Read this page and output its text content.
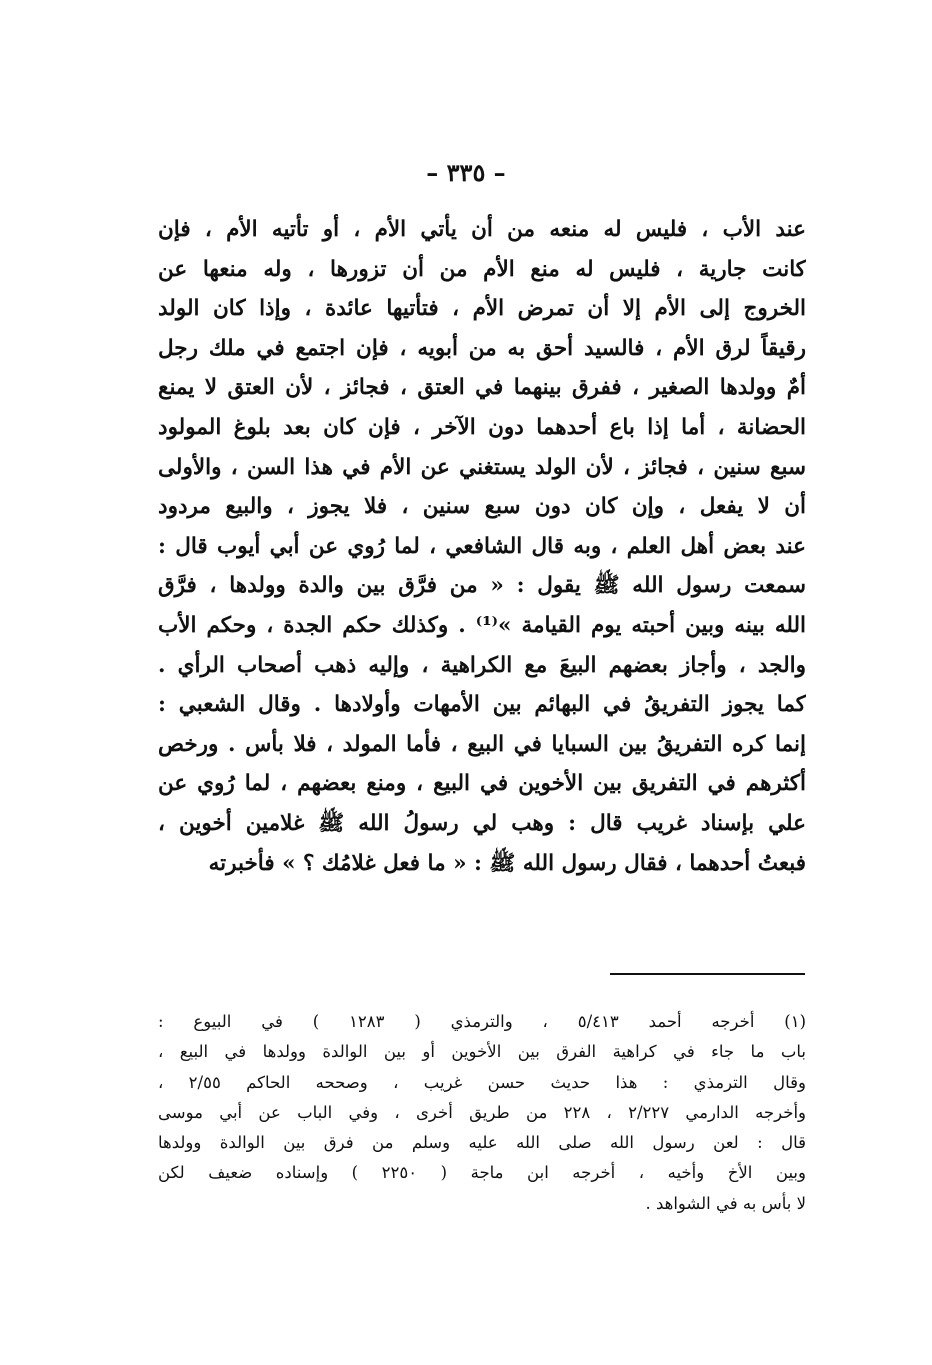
– ٣٣٥ –
عند الأب ، فليس له منعه من أن يأتي الأم ، أو تأتيه الأم ، فإن
كانت جارية ، فليس له منع الأم من أن تزورها ، وله منعها عن
الخروج إلى الأم إلا أن تمرض الأم ، فتأتيها عائدة ، وإذا كان الولد
رقيقاً لرق الأم ، فالسيد أحق به من أبويه ، فإن اجتمع في ملك رجل
أمٌ وولدها الصغير ، ففرق بينهما في العتق ، فجائز ، لأن العتق لا يمنع
الحضانة ، أما إذا باع أحدهما دون الآخر ، فإن كان بعد بلوغ المولود
سبع سنين ، فجائز ، لأن الولد يستغني عن الأم في هذا السن ، والأولى
أن لا يفعل ، وإن كان دون سبع سنين ، فلا يجوز ، والبيع مردود
عند بعض أهل العلم ، وبه قال الشافعي ، لما رُوي عن أبي أيوب قال :
سمعت رسول الله ﷺ يقول : « من فرَّق بين والدة وولدها ، فرَّق
الله بينه وبين أحبته يوم القيامة »⁽¹⁾ . وكذلك حكم الجدة ، وحكم الأب
والجد ، وأجاز بعضهم البيعَ مع الكراهية ، وإليه ذهب أصحاب الرأي .
كما يجوز التفريقُ في البهائم بين الأمهات وأولادها . وقال الشعبي :
إنما كره التفريقُ بين السبايا في البيع ، فأما المولد ، فلا بأس . ورخص
أكثرهم في التفريق بين الأخوين في البيع ، ومنع بعضهم ، لما رُوي عن
علي بإسناد غريب قال : وهب لي رسولُ الله ﷺ غلامين أخوين ،
فبعتُ أحدهما ، فقال رسول الله ﷺ : « ما فعل غلامُك ؟ » فأخبرته
(١) أخرجه أحمد ٥/٤١٣ ، والترمذي ( ١٢٨٣ ) في البيوع :
باب ما جاء في كراهية الفرق بين الأخوين أو بين الوالدة وولدها في البيع ،
وقال الترمذي : هذا حديث حسن غريب ، وصححه الحاكم ٢/٥٥ ،
وأخرجه الدارمي ٢/٢٢٧ ، ٢٢٨ من طريق أخرى ، وفي الباب عن أبي موسى
قال : لعن رسول الله صلى الله عليه وسلم من فرق بين الوالدة وولدها
وبين الأخ وأخيه ، أخرجه ابن ماجة ( ٢٢٥٠ ) وإسناده ضعيف لكن
لا بأس به في الشواهد .
